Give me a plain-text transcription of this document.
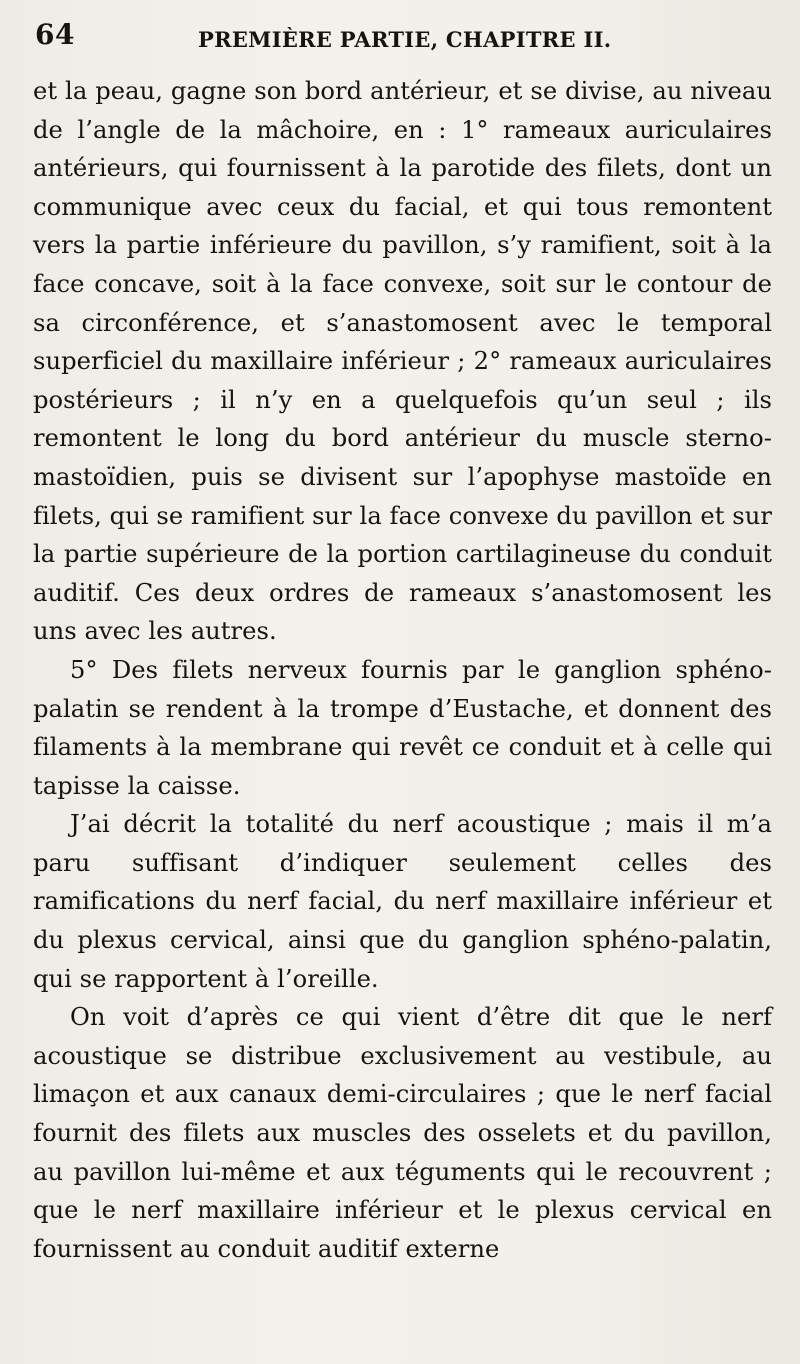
64	PREMIÈRE PARTIE, CHAPITRE II.

et la peau, gagne son bord antérieur, et se divise, au niveau de l’angle de la mâchoire, en : 1° rameaux auriculaires antérieurs, qui fournissent à la parotide des filets, dont un communique avec ceux du facial, et qui tous remontent vers la partie inférieure du pavillon, s’y ramifient, soit à la face concave, soit à la face convexe, soit sur le contour de sa circonférence, et s’anastomosent avec le temporal superficiel du maxillaire inférieur ; 2° rameaux auriculaires postérieurs ; il n’y en a quelquefois qu’un seul ; ils remontent le long du bord antérieur du muscle sterno-mastoïdien, puis se divisent sur l’apophyse mastoïde en filets, qui se ramifient sur la face convexe du pavillon et sur la partie supérieure de la portion cartilagineuse du conduit auditif. Ces deux ordres de rameaux s’anastomosent les uns avec les autres.

5° Des filets nerveux fournis par le ganglion sphéno-palatin se rendent à la trompe d’Eustache, et donnent des filaments à la membrane qui revêt ce conduit et à celle qui tapisse la caisse.

J’ai décrit la totalité du nerf acoustique ; mais il m’a paru suffisant d’indiquer seulement celles des ramifications du nerf facial, du nerf maxillaire inférieur et du plexus cervical, ainsi que du ganglion sphéno-palatin, qui se rapportent à l’oreille.

On voit d’après ce qui vient d’être dit que le nerf acoustique se distribue exclusivement au vestibule, au limaçon et aux canaux demi-circulaires ; que le nerf facial fournit des filets aux muscles des osselets et du pavillon, au pavillon lui-même et aux téguments qui le recouvrent ; que le nerf maxillaire inférieur et le plexus cervical en fournissent au conduit auditif externe
